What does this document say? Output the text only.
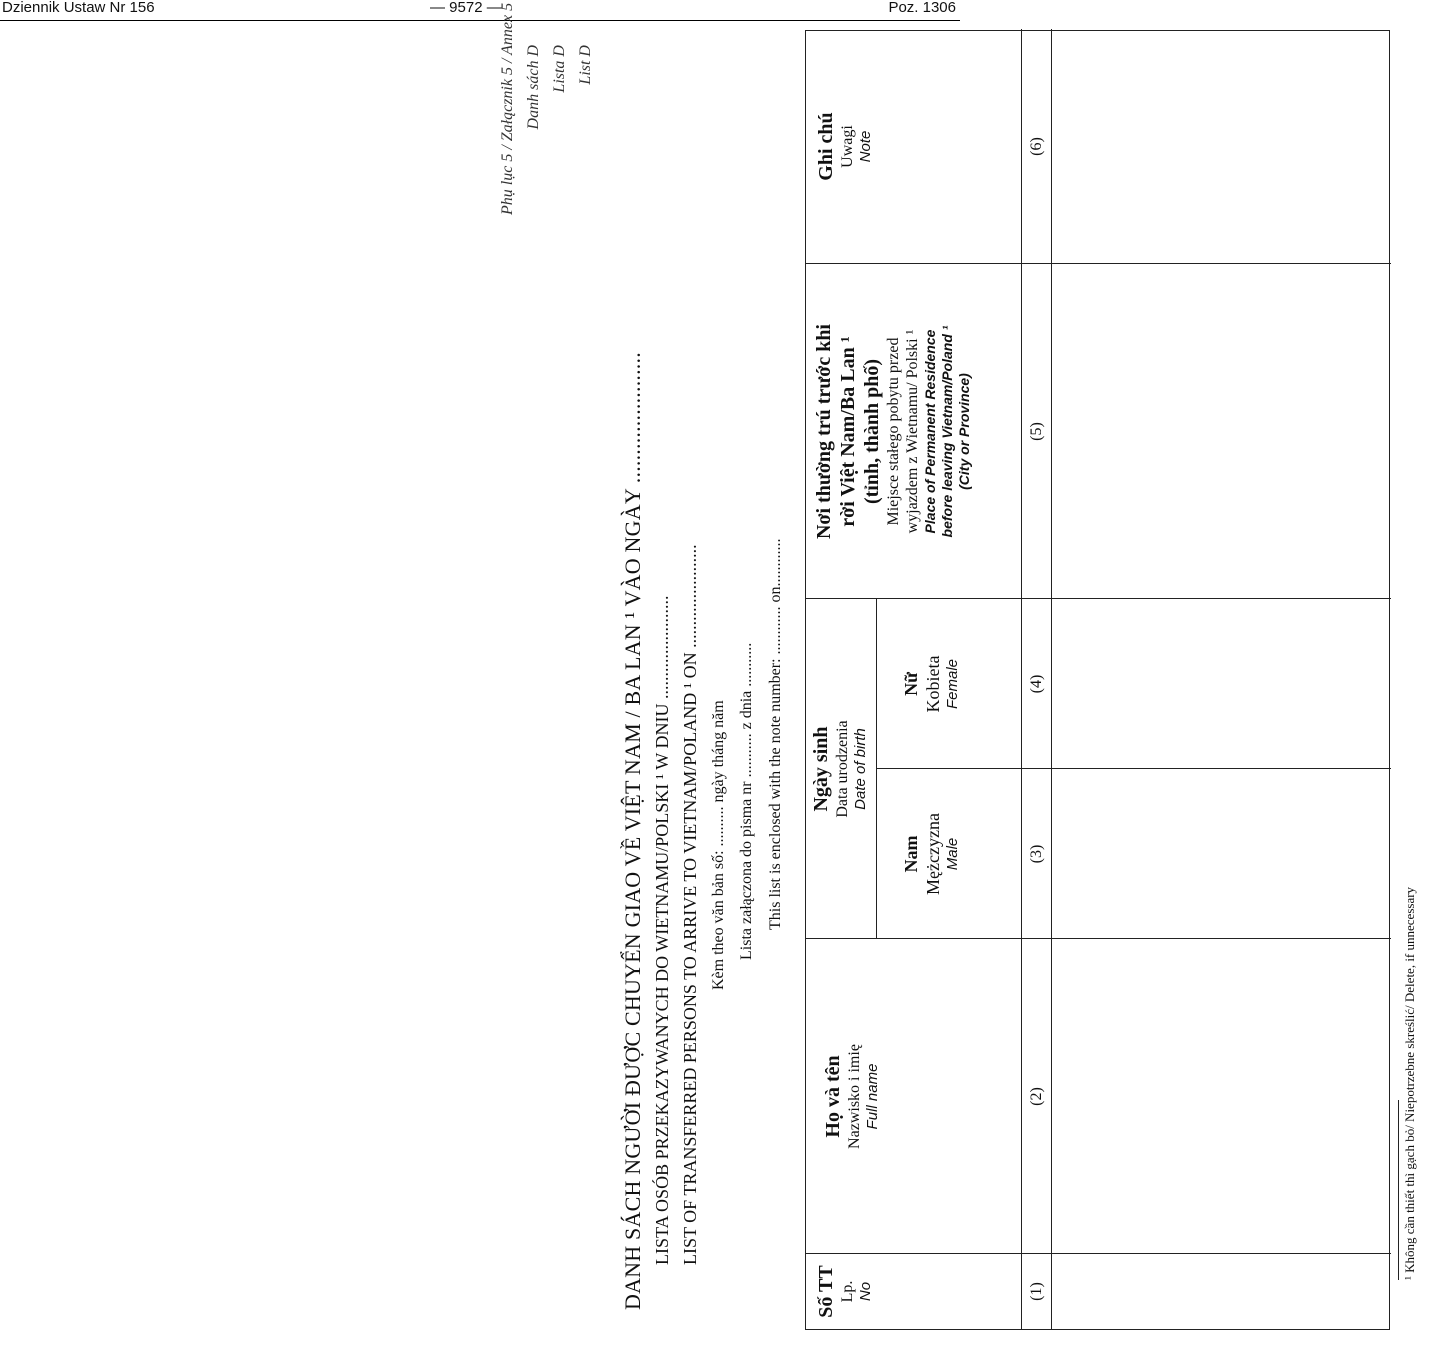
Dziennik Ustaw Nr 156	— 9572 —	Poz. 1306
Phụ lục 5 / Załącznik 5 / Annex 5 Danh sách D Lista D List D
DANH SÁCH NGƯỜI ĐƯỢC CHUYỂN GIAO VỀ VIỆT NAM / BA LAN ¹ VÀO NGÀY ....................... LISTA OSÓB PRZEKAZYWANYCH DO WIETNAMU/POLSKI ¹ W DNIU ....................... LIST OF TRANSFERRED PERSONS TO ARRIVE TO VIETNAM/POLAND ¹ ON ....................... Kèm theo văn bản số: .......... ngày tháng năm Lista załączona do pisma nr ........... z dnia ........... This list is enclosed with the note number: ............ on............
Số TT Lp. No
Họ và tên Nazwisko i imię Full name
Ngày sinh Data urodzenia Date of birth
Nam Mężczyzna Male
Nữ Kobieta Female
Nơi thường trú trước khi rời Việt Nam/Ba Lan ¹ (tỉnh, thành phố) Miejsce stałego pobytu przed wyjazdem z Wietnamu/ Polski ¹ Place of Permanent Residence before leaving Vietnam/Poland ¹ (City or Province)
Ghi chú Uwagi Note
(1)
(2)
(3)
(4)
(5)
(6)
¹ Không cần thiết thì gạch bỏ/ Niepotrzebne skreślić/ Delete, if unnecessary
